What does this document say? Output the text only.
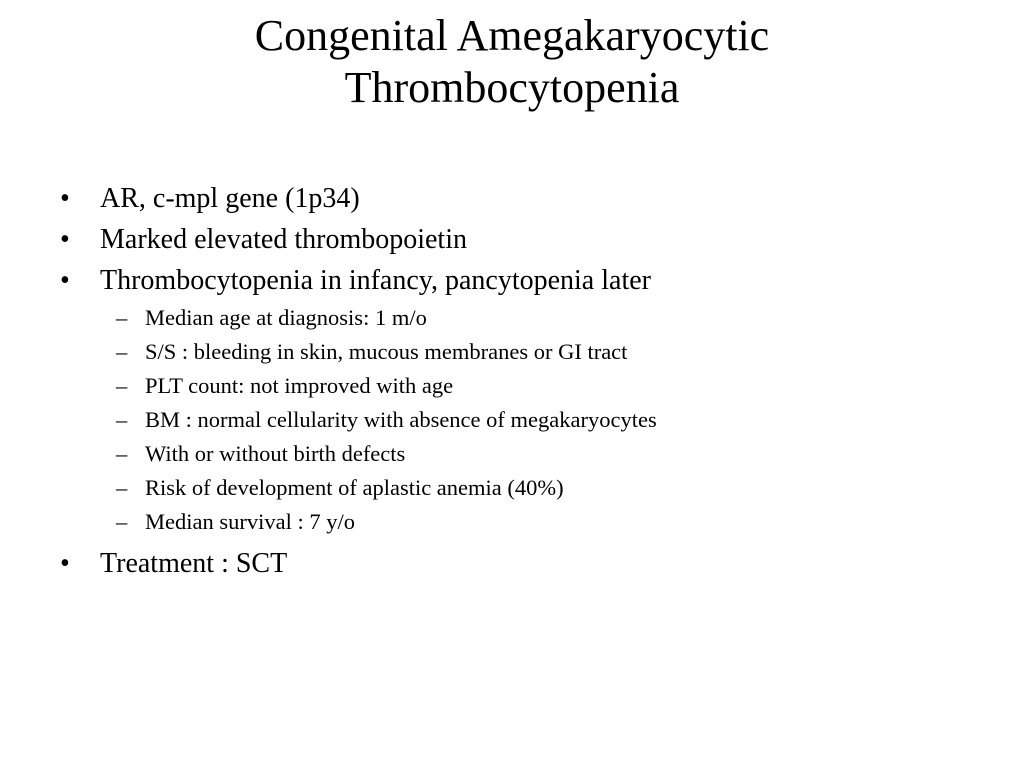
Congenital Amegakaryocytic
Thrombocytopenia
• AR, c-mpl gene (1p34)
• Marked elevated thrombopoietin
• Thrombocytopenia in infancy, pancytopenia later
– Median age at diagnosis: 1 m/o
– S/S : bleeding in skin, mucous membranes or GI tract
– PLT count: not improved with age
– BM : normal cellularity with absence of megakaryocytes
– With or without birth defects
– Risk of development of aplastic anemia (40%)
– Median survival : 7 y/o
• Treatment : SCT
